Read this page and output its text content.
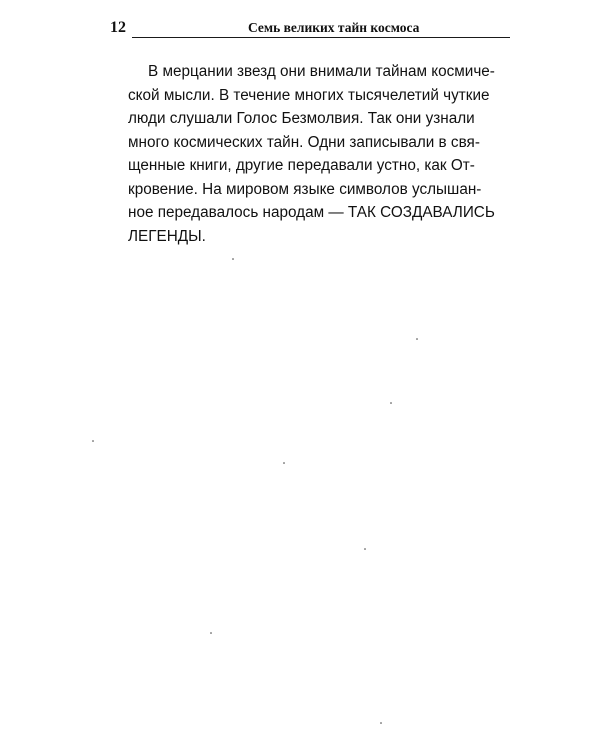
12	Семь великих тайн космоса
В мерцании звезд они внимали тайнам космиче-
ской мысли. В течение многих тысячелетий чуткие
люди слушали Голос Безмолвия. Так они узнали
много космических тайн. Одни записывали в свя-
щенные книги, другие передавали устно, как От-
кровение. На мировом языке символов услышан-
ное передавалось народам — ТАК СОЗДАВАЛИСЬ
ЛЕГЕНДЫ.
